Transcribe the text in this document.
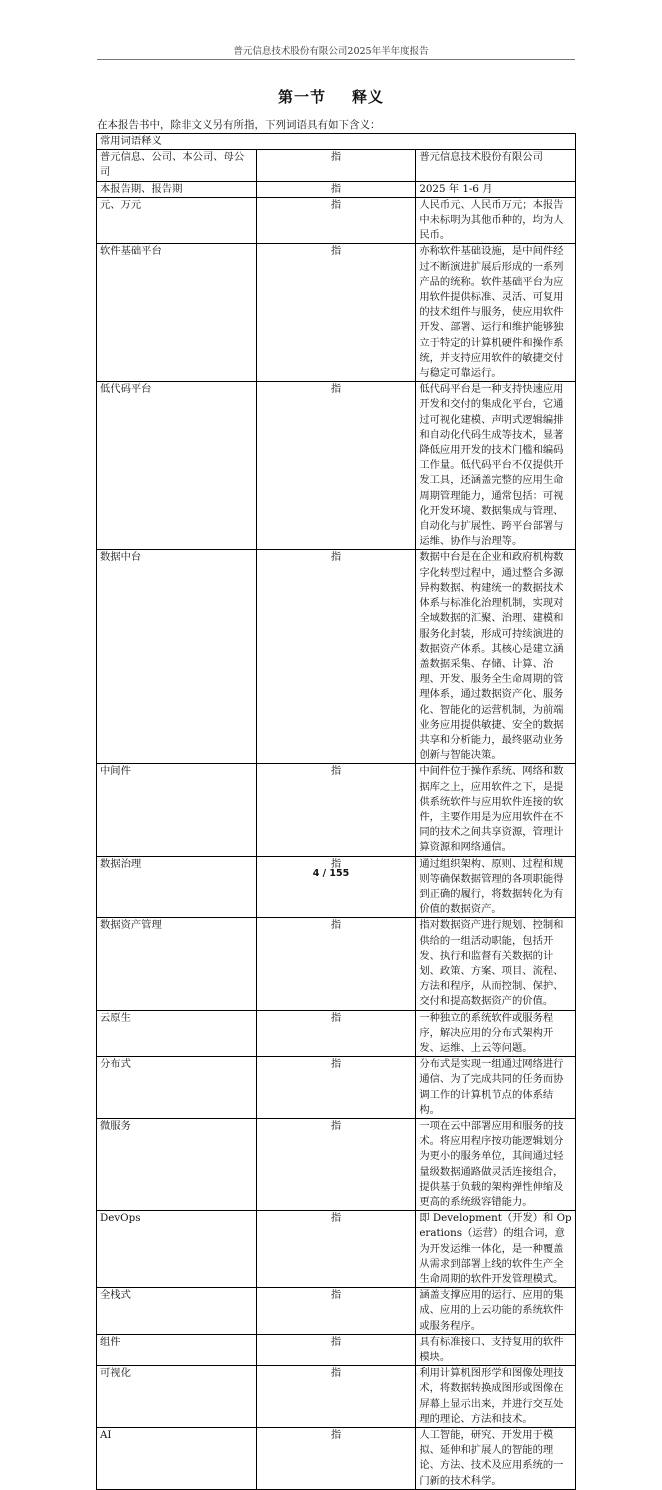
普元信息技术股份有限公司2025年半年度报告
第一节 释义
在本报告书中，除非文义另有所指，下列词语具有如下含义：
常用词语释义		
普元信息、公司、本公司、母公司	指	普元信息技术股份有限公司
本报告期、报告期	指	2025 年 1-6 月
元、万元	指	人民币元、人民币万元；本报告中未标明为其他币种的，均为人民币。
软件基础平台	指	亦称软件基础设施，是中间件经过不断演进扩展后形成的一系列产品的统称。软件基础平台为应用软件提供标准、灵活、可复用的技术组件与服务，使应用软件开发、部署、运行和维护能够独立于特定的计算机硬件和操作系统，并支持应用软件的敏捷交付与稳定可靠运行。
低代码平台	指	低代码平台是一种支持快速应用开发和交付的集成化平台，它通过可视化建模、声明式逻辑编排和自动化代码生成等技术，显著降低应用开发的技术门槛和编码工作量。低代码平台不仅提供开发工具，还涵盖完整的应用生命周期管理能力，通常包括：可视化开发环境、数据集成与管理、自动化与扩展性、跨平台部署与运维、协作与治理等。
数据中台	指	数据中台是在企业和政府机构数字化转型过程中，通过整合多源异构数据、构建统一的数据技术体系与标准化治理机制，实现对全域数据的汇聚、治理、建模和服务化封装，形成可持续演进的数据资产体系。其核心是建立涵盖数据采集、存储、计算、治理、开发、服务全生命周期的管理体系，通过数据资产化、服务化、智能化的运营机制，为前端业务应用提供敏捷、安全的数据共享和分析能力，最终驱动业务创新与智能决策。
中间件	指	中间件位于操作系统、网络和数据库之上，应用软件之下，是提供系统软件与应用软件连接的软件，主要作用是为应用软件在不同的技术之间共享资源，管理计算资源和网络通信。
数据治理	指	通过组织架构、原则、过程和规则等确保数据管理的各项职能得到正确的履行，将数据转化为有价值的数据资产。
数据资产管理	指	指对数据资产进行规划、控制和供给的一组活动职能，包括开发、执行和监督有关数据的计划、政策、方案、项目、流程、方法和程序，从而控制、保护、交付和提高数据资产的价值。
云原生	指	一种独立的系统软件或服务程序，解决应用的分布式架构开发、运维、上云等问题。
分布式	指	分布式是实现一组通过网络进行通信、为了完成共同的任务而协调工作的计算机节点的体系结构。
微服务	指	一项在云中部署应用和服务的技术。将应用程序按功能逻辑划分为更小的服务单位，其间通过轻量级数据通路做灵活连接组合，提供基于负载的架构弹性伸缩及更高的系统级容错能力。
DevOps	指	即 Development（开发）和 Operations（运营）的组合词，意为开发运维一体化，是一种覆盖从需求到部署上线的软件生产全生命周期的软件开发管理模式。
全栈式	指	涵盖支撑应用的运行、应用的集成、应用的上云功能的系统软件或服务程序。
组件	指	具有标准接口、支持复用的软件模块。
可视化	指	利用计算机图形学和图像处理技术，将数据转换成图形或图像在屏幕上显示出来，并进行交互处理的理论、方法和技术。
AI	指	人工智能，研究、开发用于模拟、延伸和扩展人的智能的理论、方法、技术及应用系统的一门新的技术科学。
4 / 155
